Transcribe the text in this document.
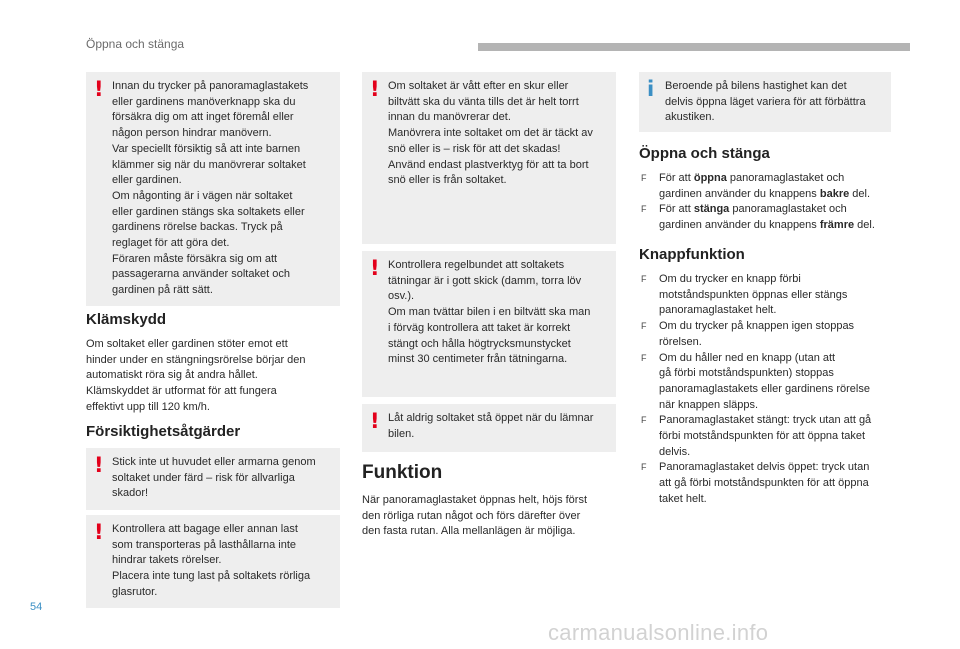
Öppna och stänga
! Innan du trycker på panoramaglastakets
eller gardinens manöverknapp ska du
försäkra dig om att inget föremål eller
någon person hindrar manövern.
Var speciellt försiktig så att inte barnen
klämmer sig när du manövrerar soltaket
eller gardinen.
Om någonting är i vägen när soltaket
eller gardinen stängs ska soltakets eller
gardinens rörelse backas. Tryck på
reglaget för att göra det.
Föraren måste försäkra sig om att
passagerarna använder soltaket och
gardinen på rätt sätt.
Klämskydd
Om soltaket eller gardinen stöter emot ett
hinder under en stängningsrörelse börjar den
automatiskt röra sig åt andra hållet.
Klämskyddet är utformat för att fungera
effektivt upp till 120 km/h.
Försiktighetsåtgärder
! Stick inte ut huvudet eller armarna genom
soltaket under färd – risk för allvarliga
skador!
! Kontrollera att bagage eller annan last
som transporteras på lasthållarna inte
hindrar takets rörelser.
Placera inte tung last på soltakets rörliga
glasrutor.
! Om soltaket är vått efter en skur eller
biltvätt ska du vänta tills det är helt torrt
innan du manövrerar det.
Manövrera inte soltaket om det är täckt av
snö eller is – risk för att det skadas!
Använd endast plastverktyg för att ta bort
snö eller is från soltaket.
! Kontrollera regelbundet att soltakets
tätningar är i gott skick (damm, torra löv
osv.).
Om man tvättar bilen i en biltvätt ska man
i förväg kontrollera att taket är korrekt
stängt och hålla högtrycksmunstycket
minst 30 centimeter från tätningarna.
! Låt aldrig soltaket stå öppet när du lämnar
bilen.
Funktion
När panoramaglastaket öppnas helt, höjs först
den rörliga rutan något och förs därefter över
den fasta rutan. Alla mellanlägen är möjliga.
i Beroende på bilens hastighet kan det
delvis öppna läget variera för att förbättra
akustiken.
Öppna och stänga
F För att öppna panoramaglastaket och
gardinen använder du knappens bakre del.
F För att stänga panoramaglastaket och
gardinen använder du knappens främre del.
Knappfunktion
F Om du trycker en knapp förbi
motståndspunkten öppnas eller stängs
panoramaglastaket helt.
F Om du trycker på knappen igen stoppas
rörelsen.
F Om du håller ned en knapp (utan att
gå förbi motståndspunkten) stoppas
panoramaglastakets eller gardinens rörelse
när knappen släpps.
F Panoramaglastaket stängt: tryck utan att gå
förbi motståndspunkten för att öppna taket
delvis.
F Panoramaglastaket delvis öppet: tryck utan
att gå förbi motståndspunkten för att öppna
taket helt.
54
carmanualsonline.info
